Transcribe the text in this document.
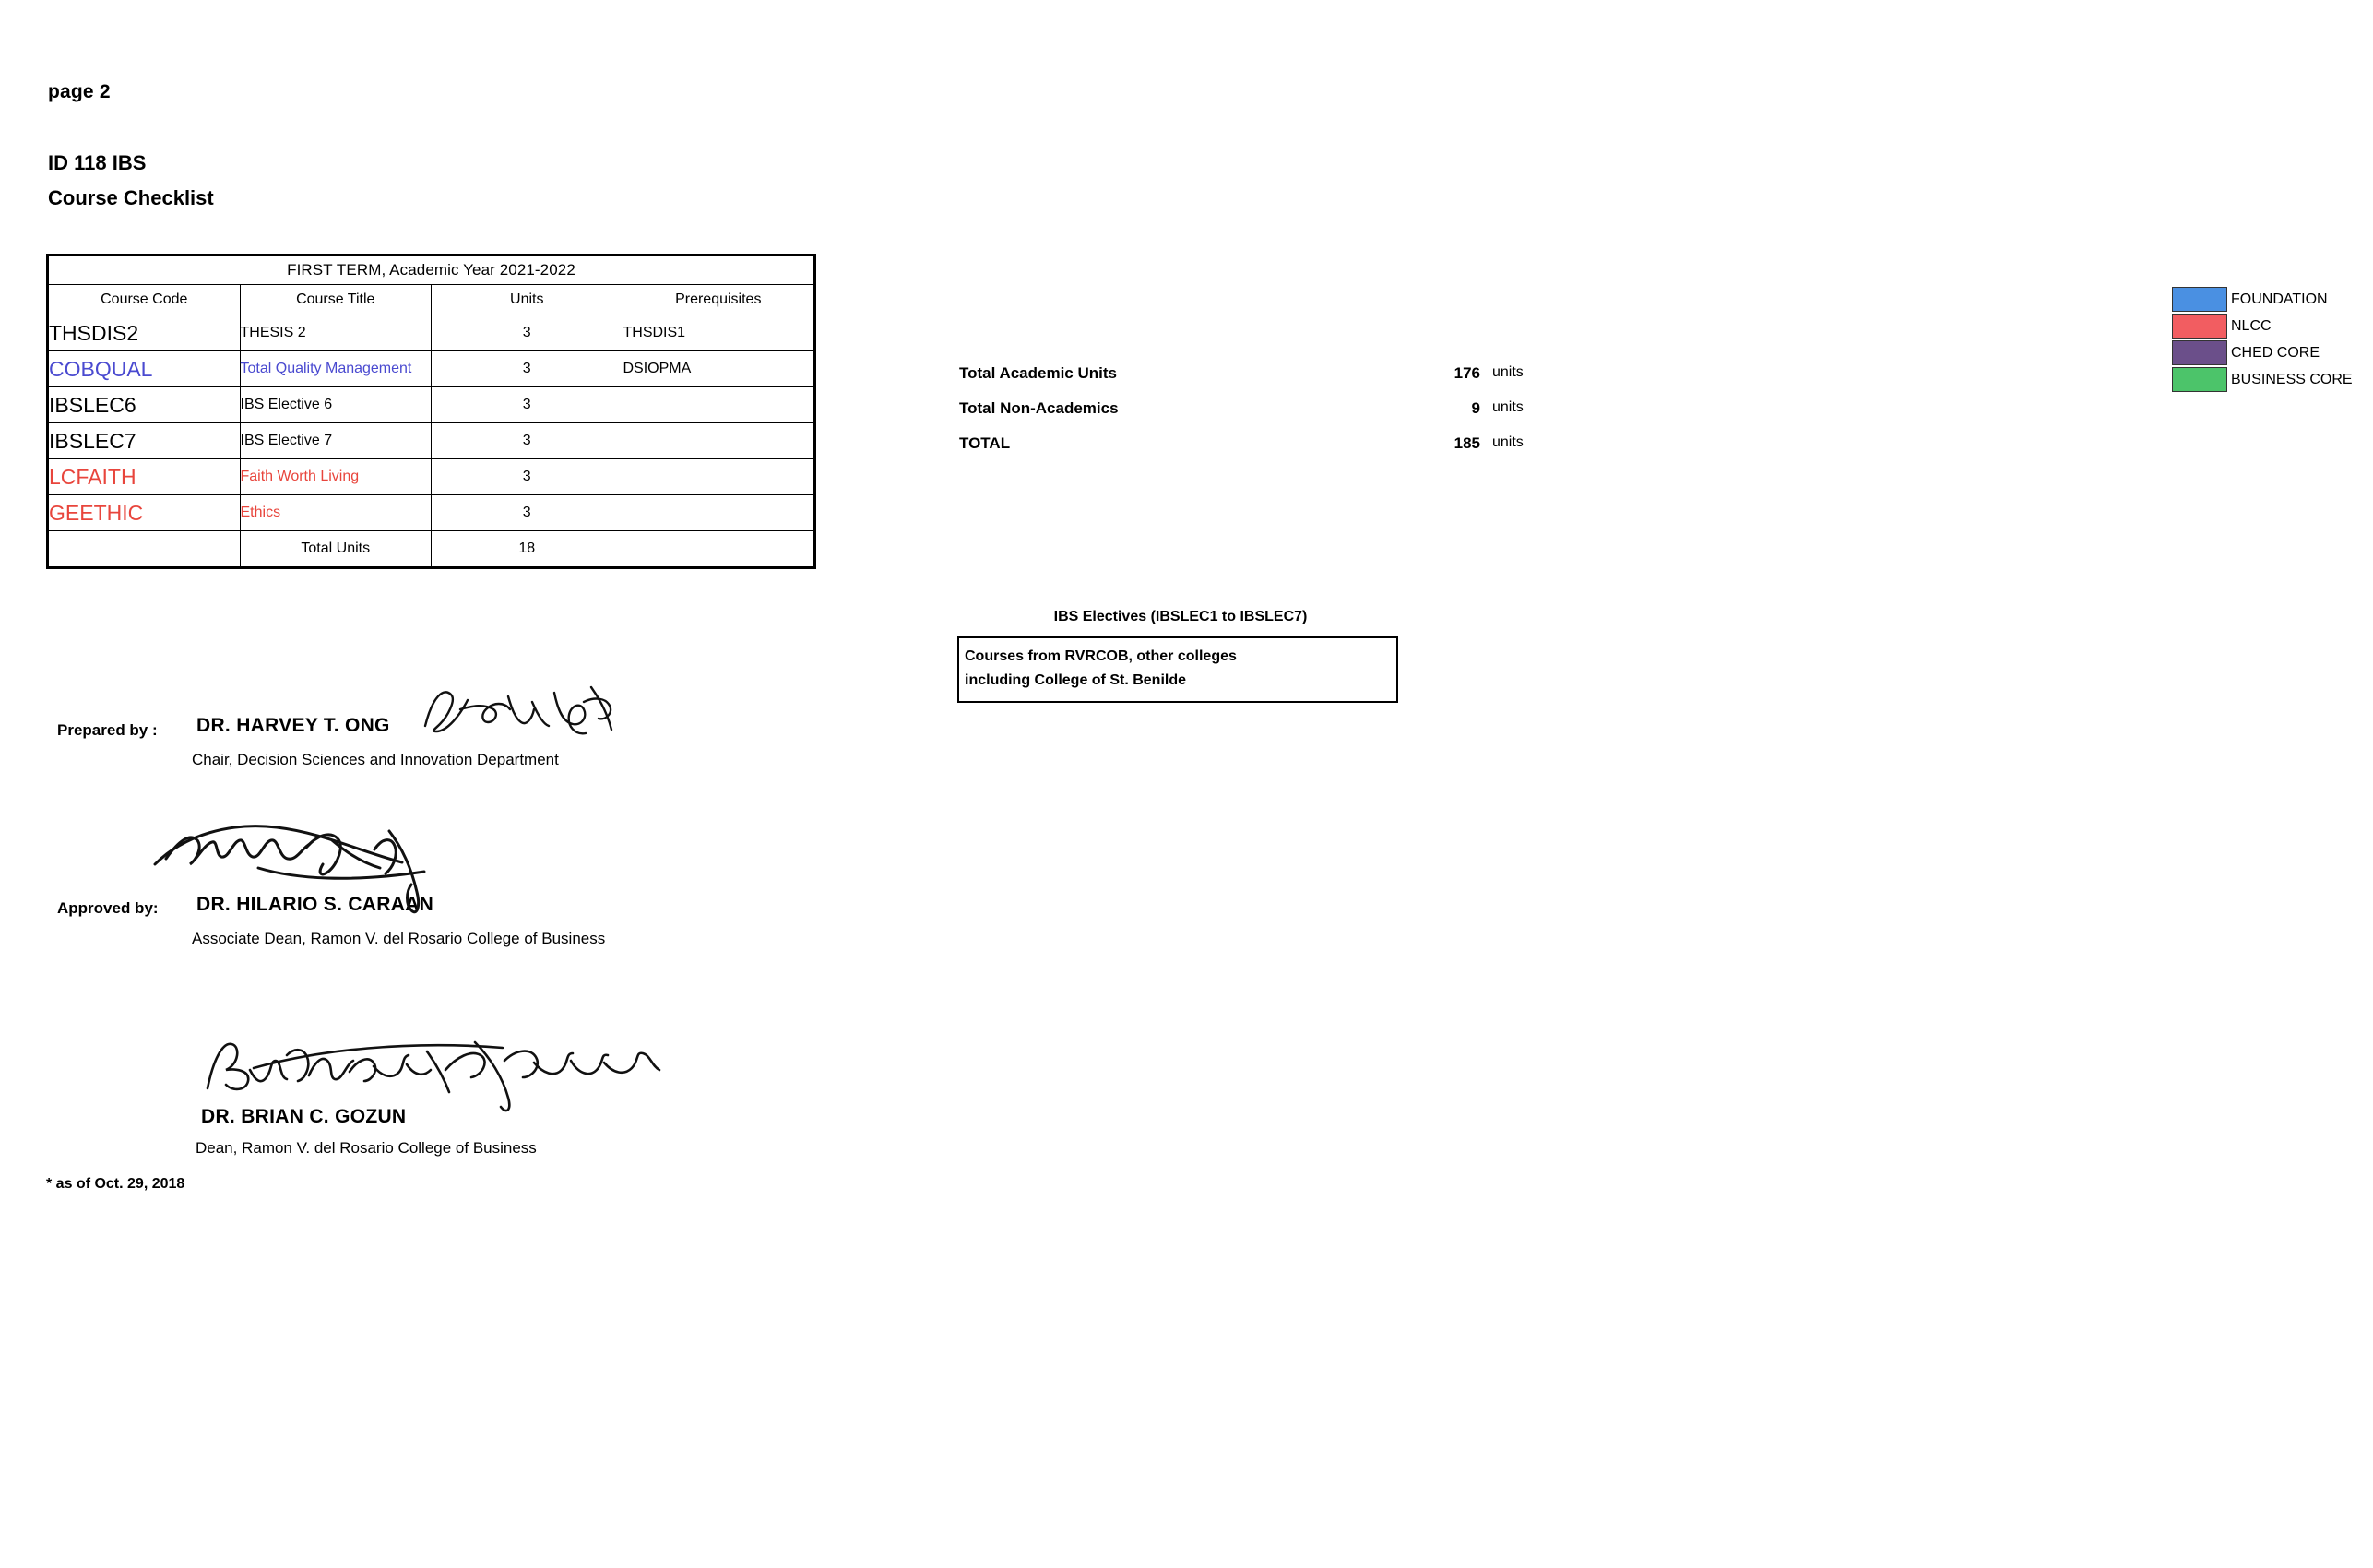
page 2
ID 118 IBS
Course Checklist
FIRST TERM, Academic Year 2021-2022			
Course Code	Course Title	Units	Prerequisites
THSDIS2	THESIS 2	3	THSDIS1
COBQUAL	Total Quality Management	3	DSIOPMA
IBSLEC6	IBS Elective 6	3	
IBSLEC7	IBS Elective 7	3	
LCFAITH	Faith Worth Living	3	
GEETHIC	Ethics	3	
	Total Units	18	
Total Academic Units	176 units
Total Non-Academics	9 units
TOTAL	185 units
IBS Electives (IBSLEC1 to IBSLEC7)
Courses from RVRCOB, other colleges
including College of St. Benilde
FOUNDATION
NLCC
CHED CORE
BUSINESS CORE
Prepared by : DR. HARVEY T. ONG
Chair, Decision Sciences and Innovation Department
Approved by: DR. HILARIO S. CARAAN
Associate Dean, Ramon V. del Rosario College of Business
DR. BRIAN C. GOZUN
Dean, Ramon V. del Rosario College of Business
* as of Oct. 29, 2018
